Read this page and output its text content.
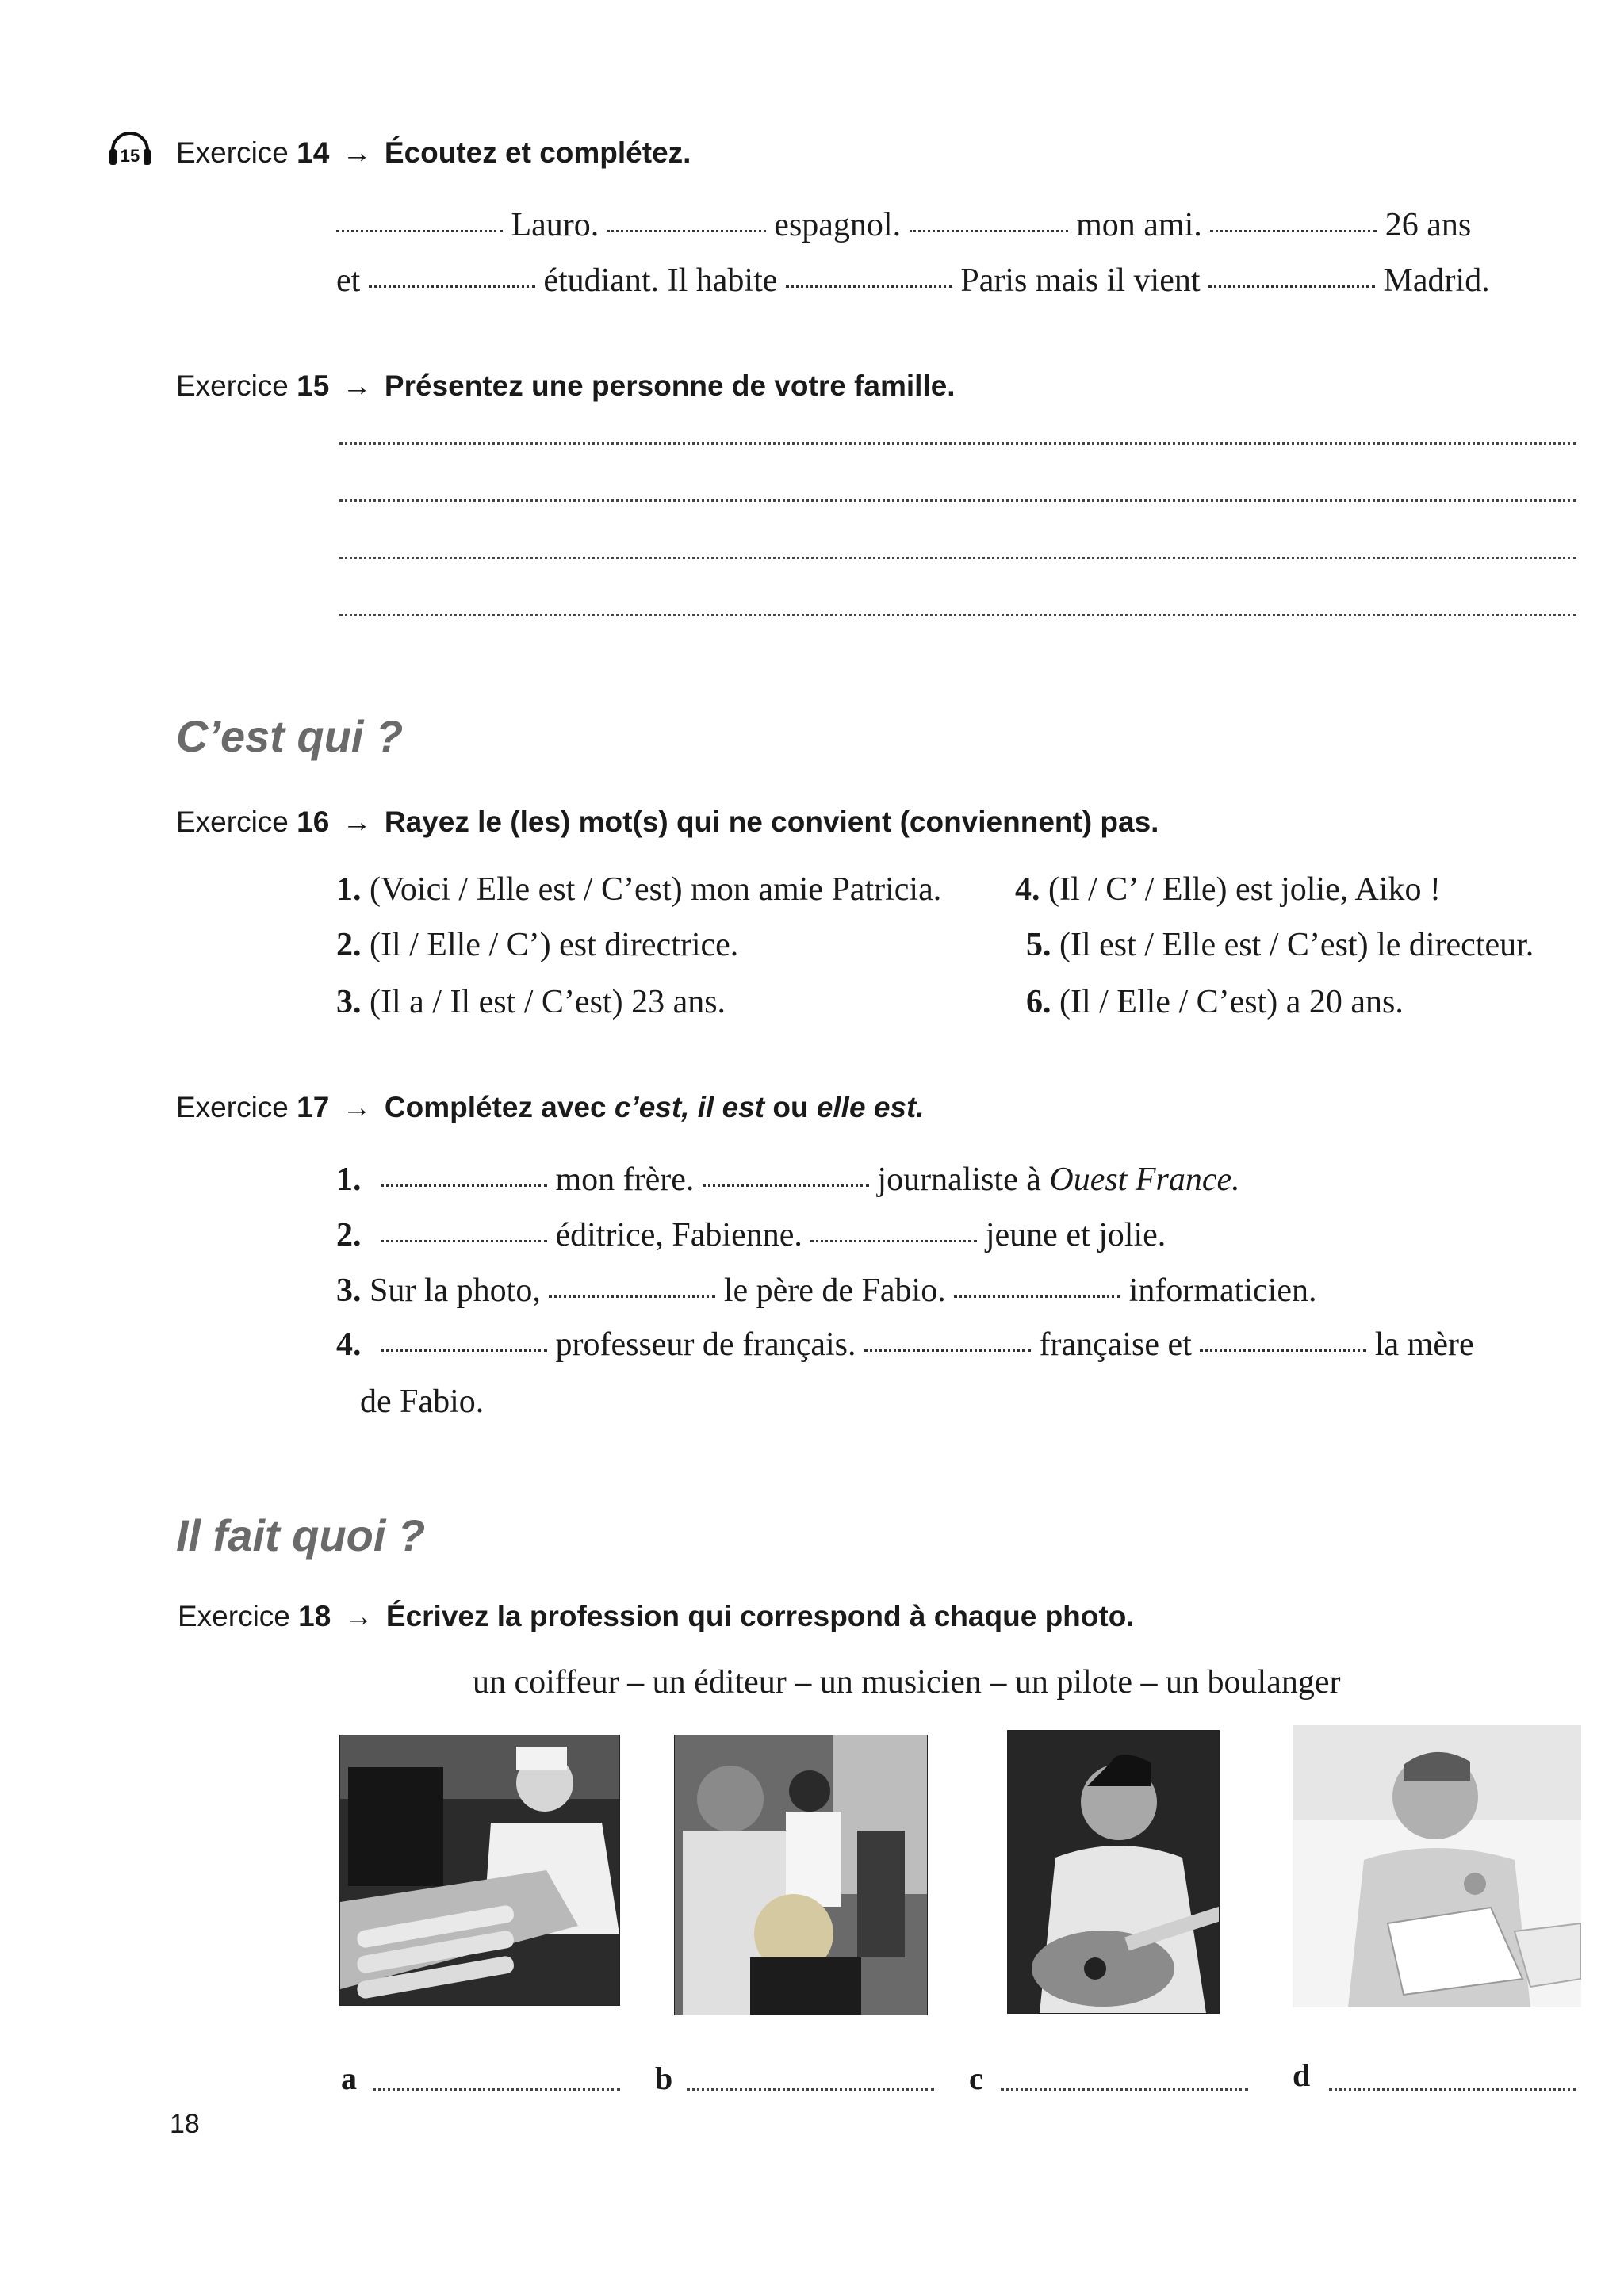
15 Exercice 14 → Écoutez et complétez.
Lauro.	espagnol.	mon ami.	26 ans
et	étudiant. Il habite	Paris mais il vient	Madrid.
Exercice 15 → Présentez une personne de votre famille.
C’est qui ?
Exercice 16 → Rayez le (les) mot(s) qui ne convient (conviennent) pas.
1. (Voici / Elle est / C’est) mon amie Patricia. 4. (Il / C’ / Elle) est jolie, Aiko !
2. (Il / Elle / C’) est directrice.	5. (Il est / Elle est / C’est) le directeur.
3. (Il a / Il est / C’est) 23 ans.	6. (Il / Elle / C’est) a 20 ans.
Exercice 17 → Complétez avec c’est, il est ou elle est.
1.	mon frère.	journaliste à Ouest France.
2.	éditrice, Fabienne.	jeune et jolie.
3. Sur la photo,	le père de Fabio.	informaticien.
4.	professeur de français.	française et	la mère
de Fabio.
Il fait quoi ?
Exercice 18 → Écrivez la profession qui correspond à chaque photo.
un coiffeur – un éditeur – un musicien – un pilote – un boulanger
a	b	c	d
18
